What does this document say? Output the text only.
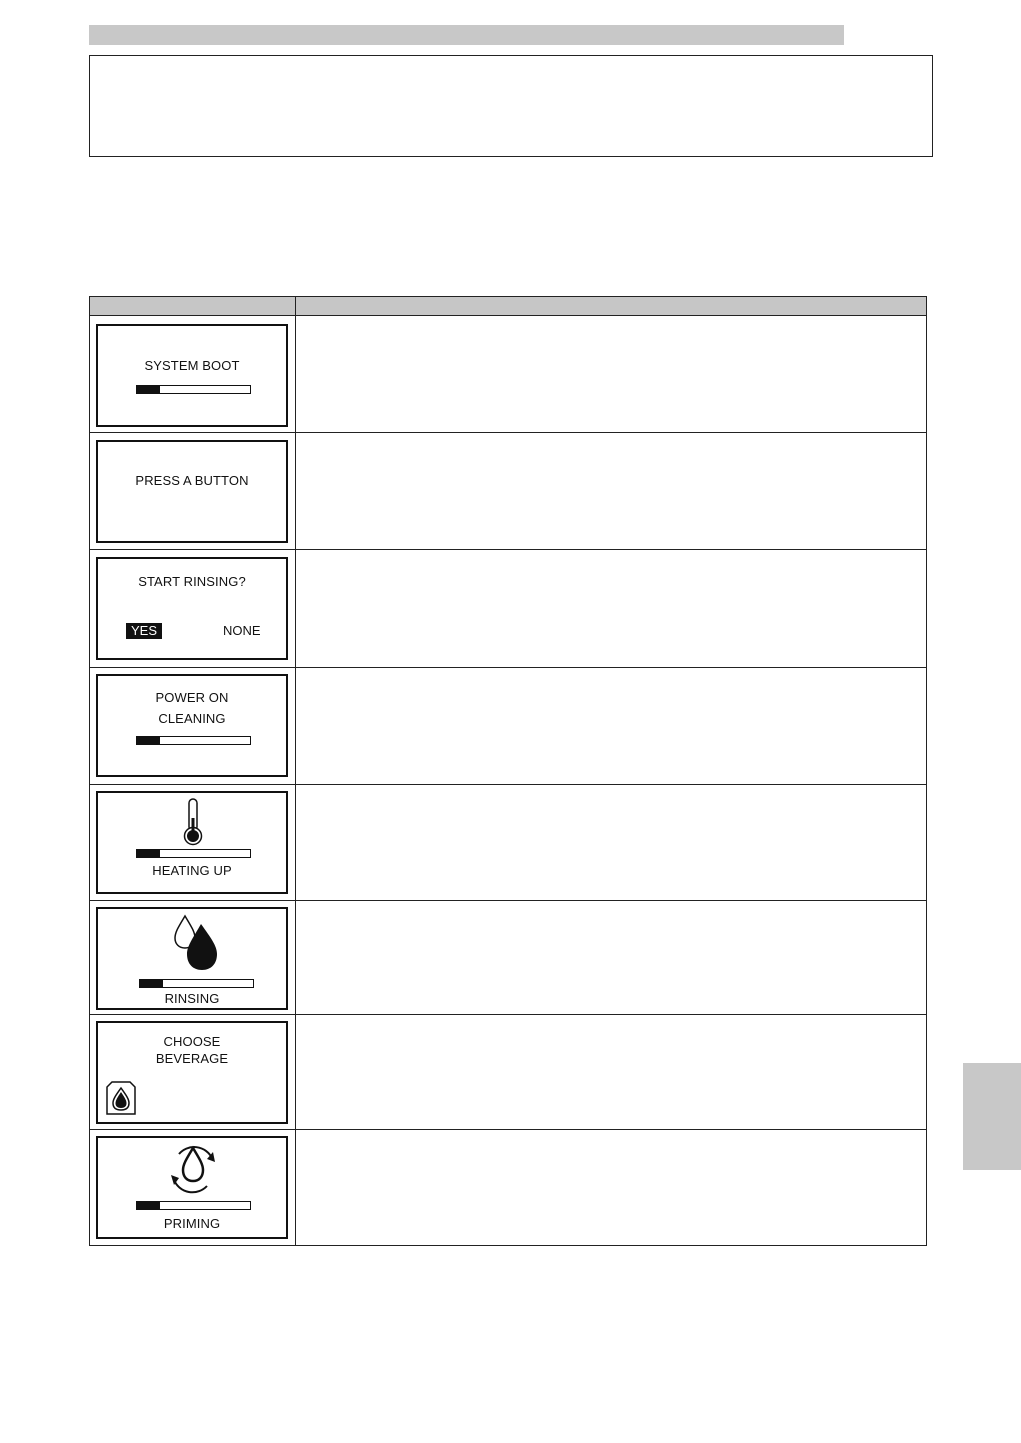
SYSTEM BOOT
PRESS A BUTTON
START RINSING?
YES	NONE
POWER ON
CLEANING
HEATING UP
RINSING
CHOOSE
BEVERAGE
PRIMING
